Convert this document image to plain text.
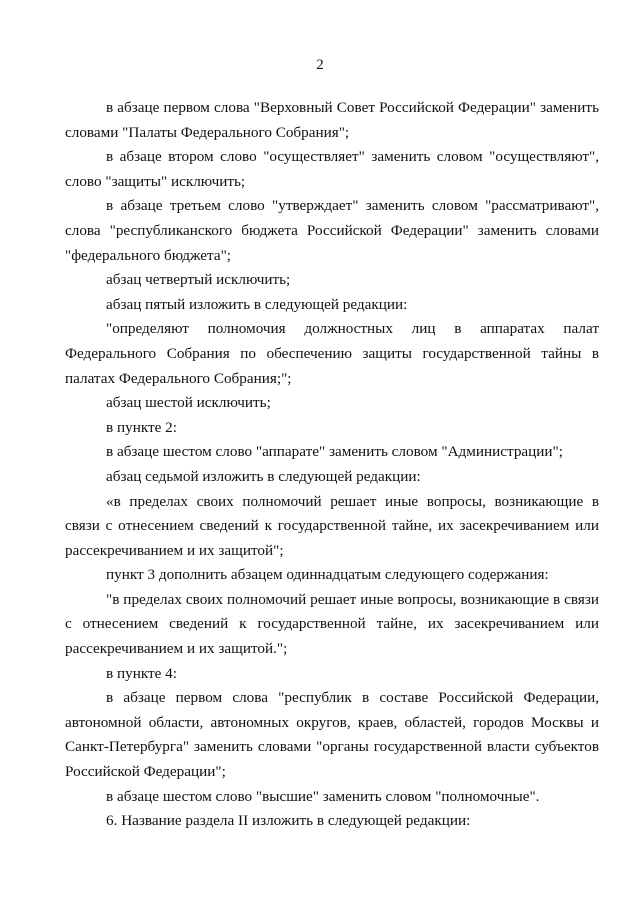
2

в абзаце первом слова "Верховный Совет Российской Федерации" заменить словами "Палаты Федерального Собрания";

в абзаце втором слово "осуществляет" заменить словом "осуществляют", слово "защиты" исключить;

в абзаце третьем слово "утверждает" заменить словом "рассматривают", слова "республиканского бюджета Российской Федерации" заменить словами "федерального бюджета";

абзац четвертый исключить;

абзац пятый изложить в следующей редакции:

"определяют полномочия должностных лиц в аппаратах палат Федерального Собрания по обеспечению защиты государственной тайны в палатах Федерального Собрания;";

абзац шестой исключить;

в пункте 2:

в абзаце шестом слово "аппарате" заменить словом "Администрации";

абзац седьмой изложить в следующей редакции:

«в пределах своих полномочий решает иные вопросы, возникающие в связи с отнесением сведений к государственной тайне, их засекречиванием или рассекречиванием и их защитой";

пункт 3 дополнить абзацем одиннадцатым следующего содержания:

"в пределах своих полномочий решает иные вопросы, возникающие в связи с отнесением сведений к государственной тайне, их засекречиванием или рассекречиванием и их защитой.";

в пункте 4:

в абзаце первом слова "республик в составе Российской Федерации, автономной области, автономных округов, краев, областей, городов Москвы и Санкт-Петербурга" заменить словами "органы государственной власти субъектов Российской Федерации";

в абзаце шестом слово "высшие" заменить словом "полномочные".

6. Название раздела II изложить в следующей редакции:
